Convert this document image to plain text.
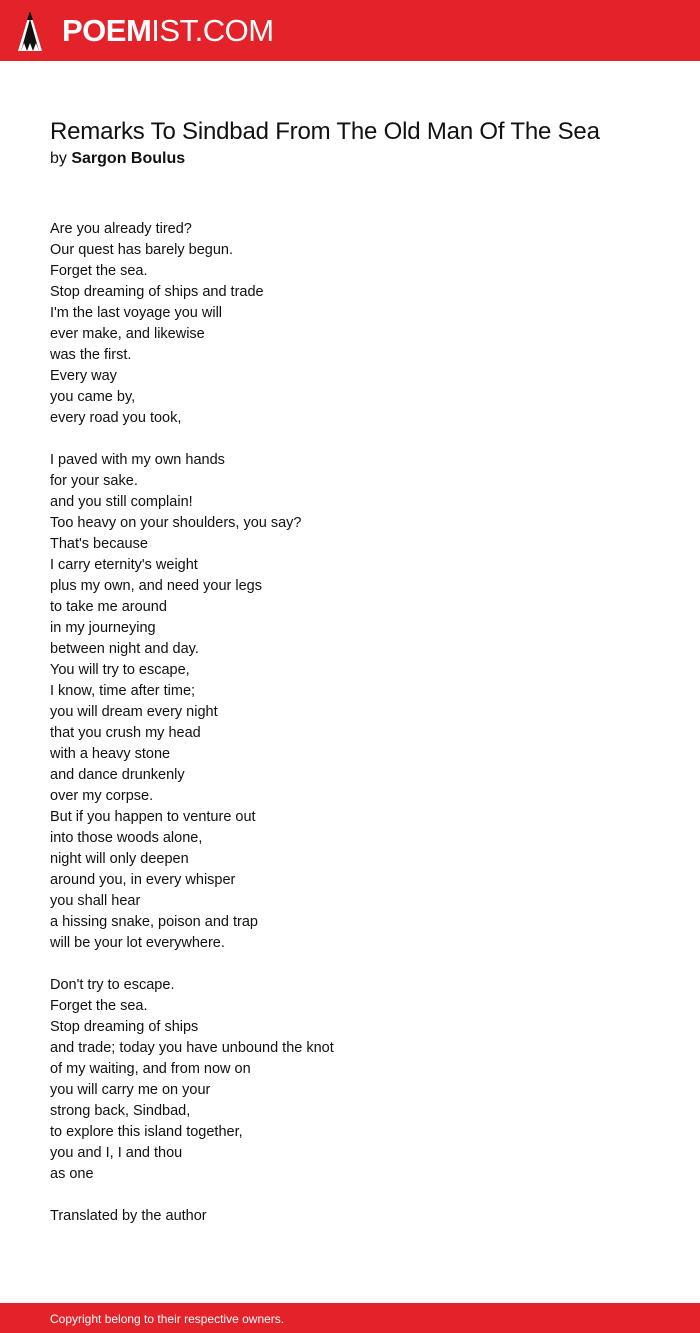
POEMIST.COM
Remarks To Sindbad From The Old Man Of The Sea
by Sargon Boulus
Are you already tired?
Our quest has barely begun.
Forget the sea.
Stop dreaming of ships and trade
I'm the last voyage you will
ever make, and likewise
was the first.
Every way
you came by,
every road you took,
I paved with my own hands
for your sake.
and you still complain!
Too heavy on your shoulders, you say?
That's because
I carry eternity's weight
plus my own, and need your legs
to take me around
in my journeying
between night and day.
You will try to escape,
I know, time after time;
you will dream every night
that you crush my head
with a heavy stone
and dance drunkenly
over my corpse.
But if you happen to venture out
into those woods alone,
night will only deepen
around you, in every whisper
you shall hear
a hissing snake, poison and trap
will be your lot everywhere.
Don't try to escape.
Forget the sea.
Stop dreaming of ships
and trade; today you have unbound the knot
of my waiting, and from now on
you will carry me on your
strong back, Sindbad,
to explore this island together,
you and I, I and thou
as one
Translated by the author
Copyright belong to their respective owners.
